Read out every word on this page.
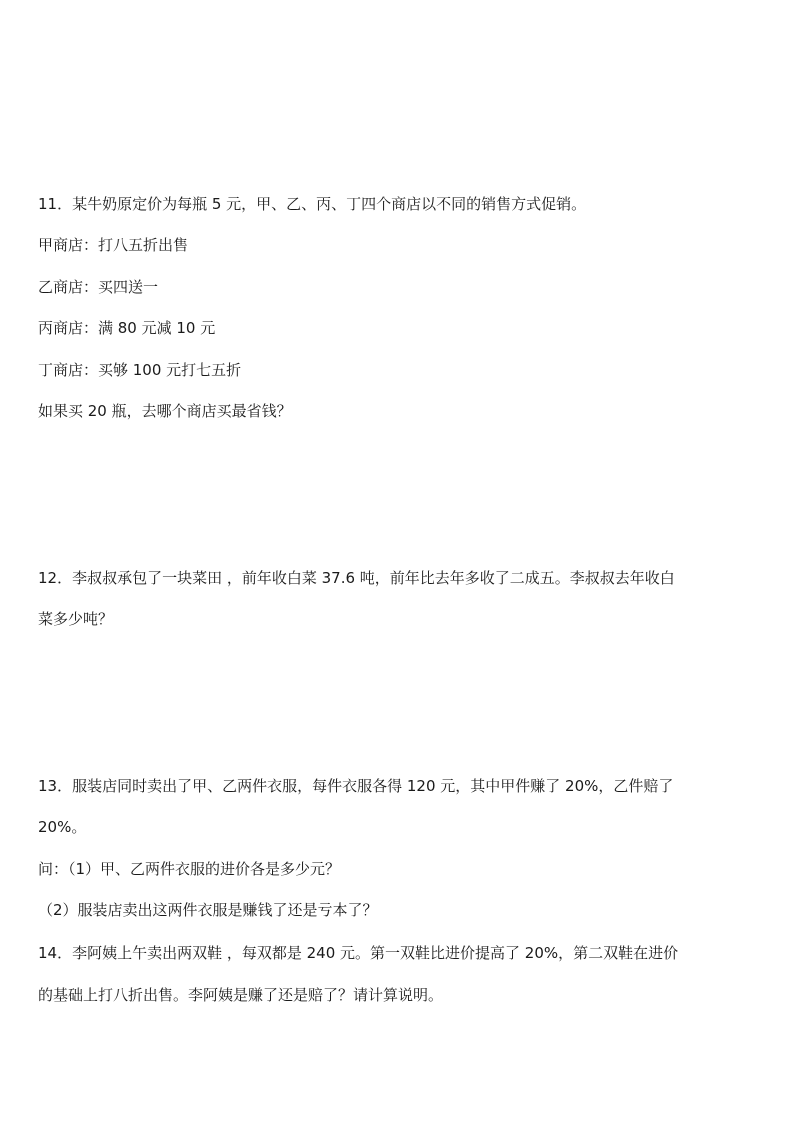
11．某牛奶原定价为每瓶 5 元，甲、乙、丙、丁四个商店以不同的销售方式促销。
甲商店：打八五折出售
乙商店：买四送一
丙商店：满 80 元减 10 元
丁商店：买够 100 元打七五折
如果买 20 瓶，去哪个商店买最省钱？
12．李叔叔承包了一块菜田 ，前年收白菜 37.6 吨，前年比去年多收了二成五。李叔叔去年收白
菜多少吨？
13．服装店同时卖出了甲、乙两件衣服，每件衣服各得 120 元，其中甲件赚了 20%，乙件赔了
20%。
问：（1）甲、乙两件衣服的进价各是多少元？
（2）服装店卖出这两件衣服是赚钱了还是亏本了？
14．李阿姨上午卖出两双鞋 ，每双都是 240 元。第一双鞋比进价提高了 20%，第二双鞋在进价
的基础上打八折出售。李阿姨是赚了还是赔了？请计算说明。
